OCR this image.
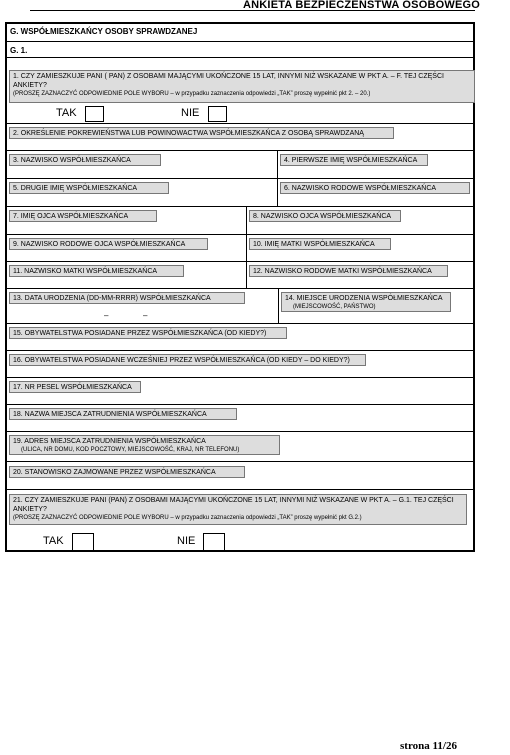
ANKIETA BEZPIECZEŃSTWA OSOBOWEGO
G. WSPÓŁMIESZKAŃCY OSOBY SPRAWDZANEJ
G. 1.
1. CZY ZAMIESZKUJE PANI ( PAN) Z OSOBAMI MAJĄCYMI UKOŃCZONE 15 LAT, INNYMI NIŻ WSKAZANE W PKT A. – F. TEJ CZĘŚCI ANKIETY?
(PROSZĘ ZAZNACZYĆ ODPOWIEDNIE POLE WYBORU – w przypadku zaznaczenia odpowiedzi „TAK” proszę wypełnić pkt 2. – 20.)
TAK	NIE
2. OKREŚLENIE POKREWIEŃSTWA LUB POWINOWACTWA WSPÓŁMIESZKAŃCA Z OSOBĄ SPRAWDZANĄ
3. NAZWISKO WSPÓŁMIESZKAŃCA	4. PIERWSZE IMIĘ WSPÓŁMIESZKAŃCA
5. DRUGIE IMIĘ WSPÓŁMIESZKAŃCA	6. NAZWISKO RODOWE WSPÓŁMIESZKAŃCA
7. IMIĘ OJCA WSPÓŁMIESZKAŃCA	8. NAZWISKO OJCA WSPÓŁMIESZKAŃCA
9. NAZWISKO RODOWE OJCA WSPÓŁMIESZKAŃCA	10. IMIĘ MATKI WSPÓŁMIESZKAŃCA
11. NAZWISKO MATKI WSPÓŁMIESZKAŃCA	12. NAZWISKO RODOWE MATKI WSPÓŁMIESZKAŃCA
13. DATA URODZENIA (DD-MM-RRRR) WSPÓŁMIESZKAŃCA
–	–
14. MIEJSCE URODZENIA WSPÓŁMIESZKAŃCA
(MIEJSCOWOŚĆ, PAŃSTWO)
15. OBYWATELSTWA POSIADANE PRZEZ WSPÓŁMIESZKAŃCA (OD KIEDY?)
16. OBYWATELSTWA POSIADANE WCZEŚNIEJ PRZEZ WSPÓŁMIESZKAŃCA (OD KIEDY – DO KIEDY?)
17. NR PESEL WSPÓŁMIESZKAŃCA
18. NAZWA MIEJSCA ZATRUDNIENIA WSPÓŁMIESZKAŃCA
19. ADRES MIEJSCA ZATRUDNIENIA WSPÓŁMIESZKAŃCA
(ULICA, NR DOMU, KOD POCZTOWY, MIEJSCOWOŚĆ, KRAJ, NR TELEFONU)
20. STANOWISKO ZAJMOWANE PRZEZ WSPÓŁMIESZKAŃCA
21. CZY ZAMIESZKUJE PANI (PAN) Z OSOBAMI MAJĄCYMI UKOŃCZONE 15 LAT, INNYMI NIŻ WSKAZANE W PKT A. – G.1. TEJ CZĘŚCI ANKIETY?
(PROSZĘ ZAZNACZYĆ ODPOWIEDNIE POLE WYBORU – w przypadku zaznaczenia odpowiedzi „TAK” proszę wypełnić pkt G.2.)
TAK	NIE
strona 11/26
